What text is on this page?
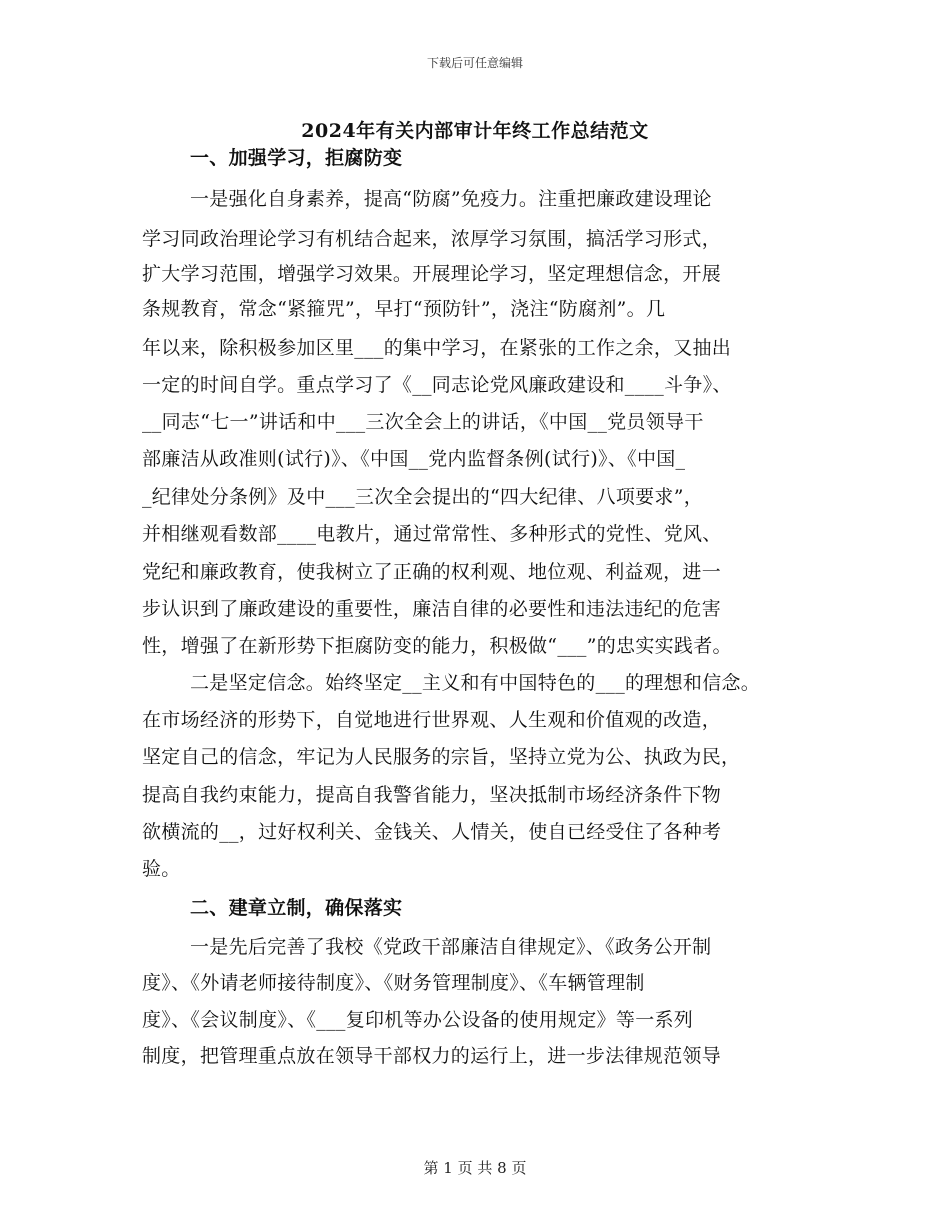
下载后可任意编辑
2024年有关内部审计年终工作总结范文
一、加强学习，拒腐防变
一是强化自身素养，提高“防腐”免疫力。注重把廉政建设理论
学习同政治理论学习有机结合起来，浓厚学习氛围，搞活学习形式，
扩大学习范围，增强学习效果。开展理论学习，坚定理想信念，开展
条规教育，常念“紧箍咒”，早打“预防针”，浇注“防腐剂”。几
年以来，除积极参加区里___的集中学习，在紧张的工作之余，又抽出
一定的时间自学。重点学习了《__同志论党风廉政建设和____斗争》、
__同志“七一”讲话和中___三次全会上的讲话，《中国__党员领导干
部廉洁从政准则(试行)》、《中国__党内监督条例(试行)》、《中国_
_纪律处分条例》及中___三次全会提出的“四大纪律、八项要求”，
并相继观看数部____电教片，通过常常性、多种形式的党性、党风、
党纪和廉政教育，使我树立了正确的权利观、地位观、利益观，进一
步认识到了廉政建设的重要性，廉洁自律的必要性和违法违纪的危害
性，增强了在新形势下拒腐防变的能力，积极做“___”的忠实实践者。
二是坚定信念。始终坚定__主义和有中国特色的___的理想和信念。
在市场经济的形势下，自觉地进行世界观、人生观和价值观的改造，
坚定自己的信念，牢记为人民服务的宗旨，坚持立党为公、执政为民，
提高自我约束能力，提高自我警省能力，坚决抵制市场经济条件下物
欲横流的__，过好权利关、金钱关、人情关，使自已经受住了各种考
验。
二、建章立制，确保落实
一是先后完善了我校《党政干部廉洁自律规定》、《政务公开制
度》、《外请老师接待制度》、《财务管理制度》、《车辆管理制
度》、《会议制度》、《___复印机等办公设备的使用规定》等一系列
制度，把管理重点放在领导干部权力的运行上，进一步法律规范领导
第 1 页 共 8 页
